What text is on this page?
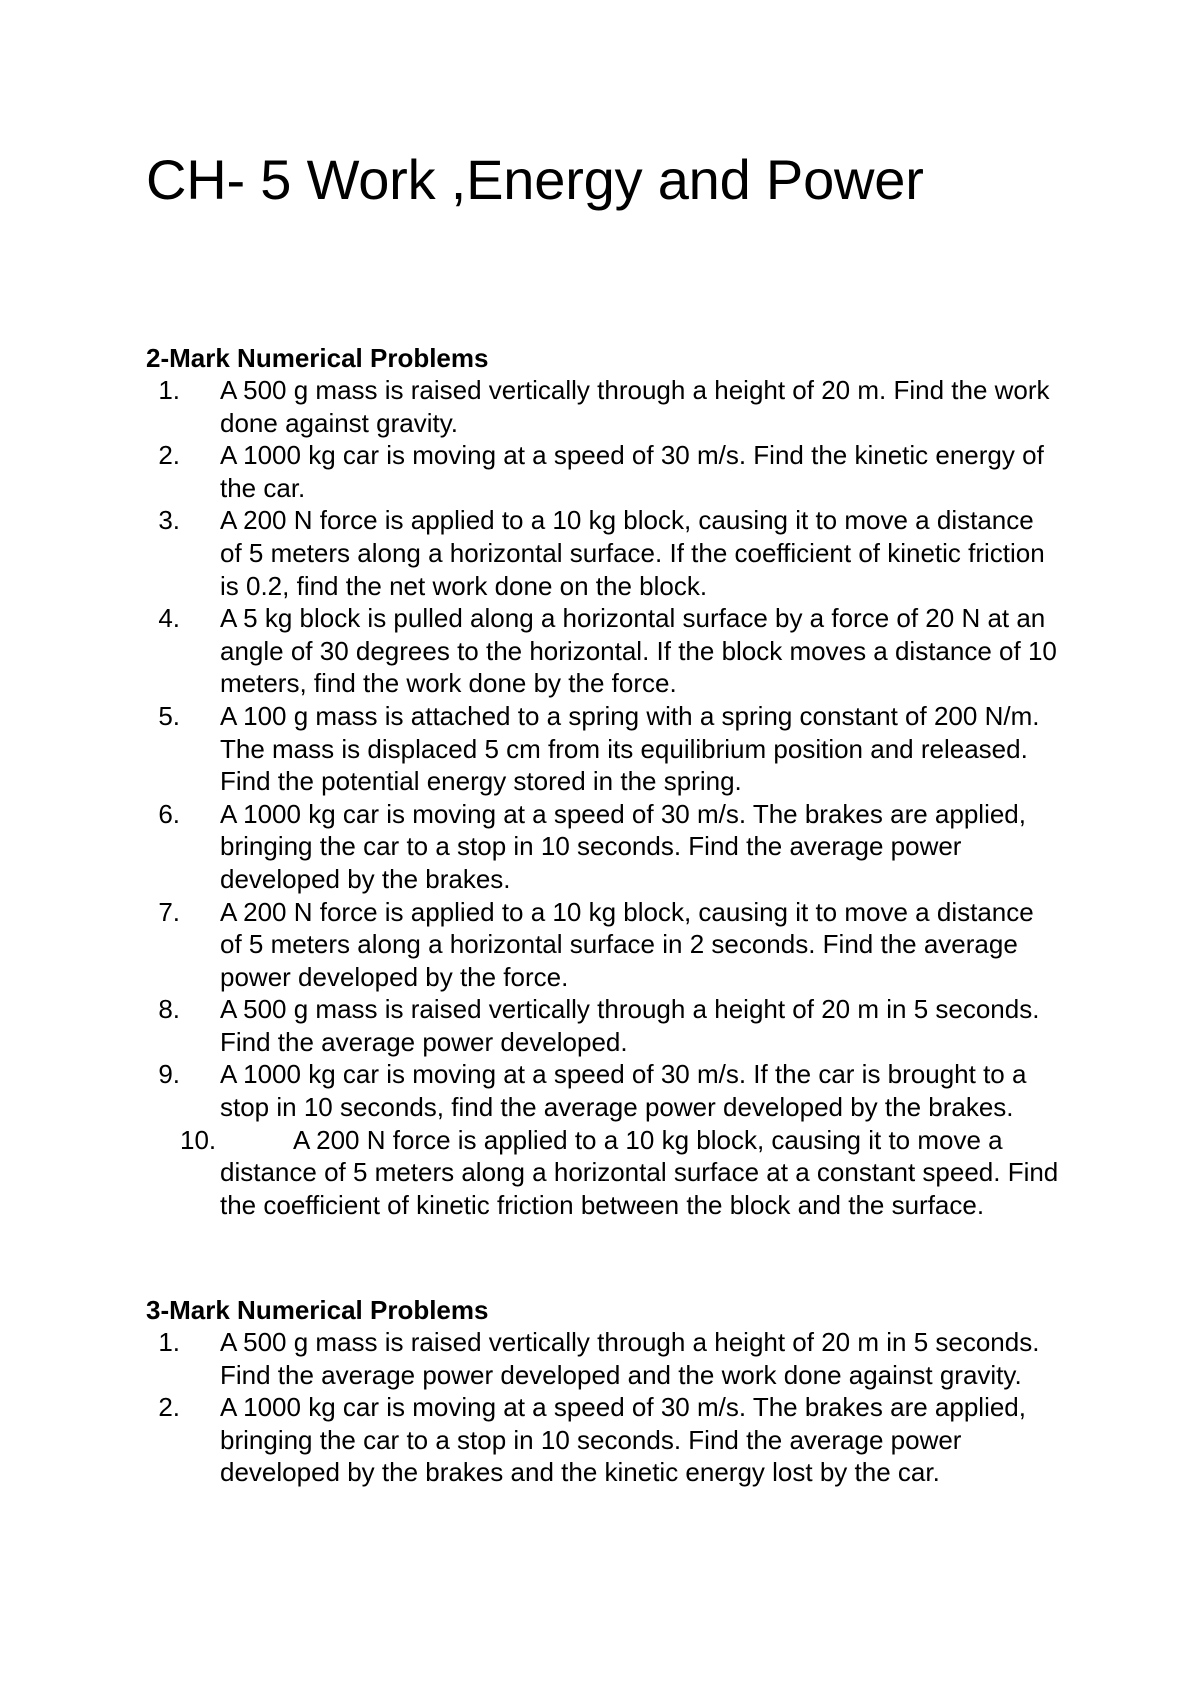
CH- 5 Work ,Energy and Power
2-Mark Numerical Problems
1. A 500 g mass is raised vertically through a height of 20 m. Find the work done against gravity.
2. A 1000 kg car is moving at a speed of 30 m/s. Find the kinetic energy of the car.
3. A 200 N force is applied to a 10 kg block, causing it to move a distance of 5 meters along a horizontal surface. If the coefficient of kinetic friction is 0.2, find the net work done on the block.
4. A 5 kg block is pulled along a horizontal surface by a force of 20 N at an angle of 30 degrees to the horizontal. If the block moves a distance of 10 meters, find the work done by the force.
5. A 100 g mass is attached to a spring with a spring constant of 200 N/m. The mass is displaced 5 cm from its equilibrium position and released. Find the potential energy stored in the spring.
6. A 1000 kg car is moving at a speed of 30 m/s. The brakes are applied, bringing the car to a stop in 10 seconds. Find the average power developed by the brakes.
7. A 200 N force is applied to a 10 kg block, causing it to move a distance of 5 meters along a horizontal surface in 2 seconds. Find the average power developed by the force.
8. A 500 g mass is raised vertically through a height of 20 m in 5 seconds. Find the average power developed.
9. A 1000 kg car is moving at a speed of 30 m/s. If the car is brought to a stop in 10 seconds, find the average power developed by the brakes.
10.	A 200 N force is applied to a 10 kg block, causing it to move a distance of 5 meters along a horizontal surface at a constant speed. Find the coefficient of kinetic friction between the block and the surface.
3-Mark Numerical Problems
1. A 500 g mass is raised vertically through a height of 20 m in 5 seconds. Find the average power developed and the work done against gravity.
2. A 1000 kg car is moving at a speed of 30 m/s. The brakes are applied, bringing the car to a stop in 10 seconds. Find the average power developed by the brakes and the kinetic energy lost by the car.
